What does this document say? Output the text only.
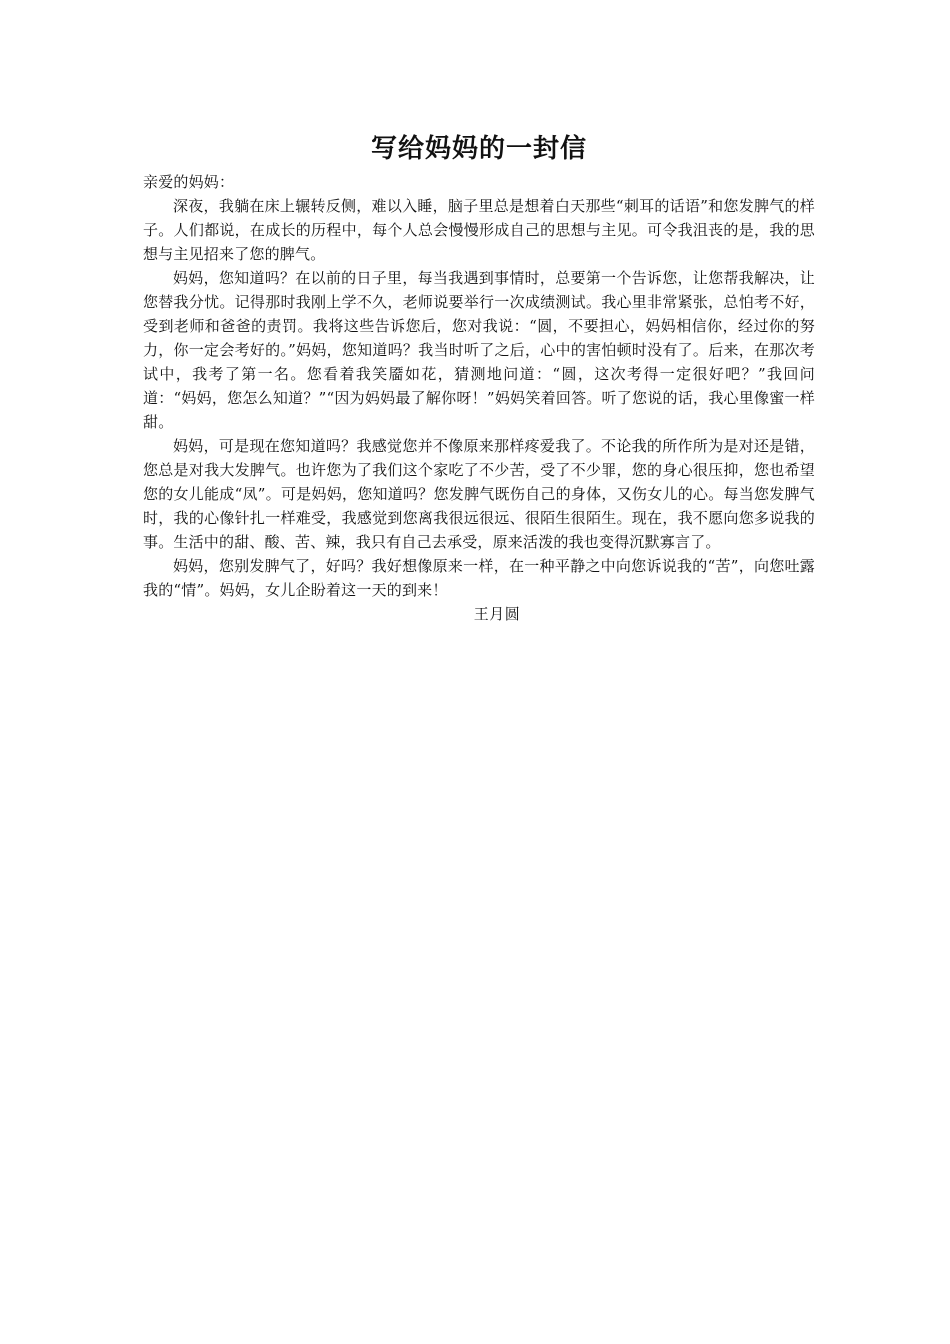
写给妈妈的一封信

亲爱的妈妈：

深夜，我躺在床上辗转反侧，难以入睡，脑子里总是想着白天那些“刺耳的话语”和您发脾气的样子。人们都说，在成长的历程中，每个人总会慢慢形成自己的思想与主见。可令我沮丧的是，我的思想与主见招来了您的脾气。

妈妈，您知道吗？在以前的日子里，每当我遇到事情时，总要第一个告诉您，让您帮我解决，让您替我分忧。记得那时我刚上学不久，老师说要举行一次成绩测试。我心里非常紧张，总怕考不好，受到老师和爸爸的责罚。我将这些告诉您后，您对我说：“圆，不要担心，妈妈相信你，经过你的努力，你一定会考好的。”妈妈，您知道吗？我当时听了之后，心中的害怕顿时没有了。后来，在那次考试中，我考了第一名。您看着我笑靥如花，猜测地问道：“圆，这次考得一定很好吧？”我回问道：“妈妈，您怎么知道？”“因为妈妈最了解你呀！”妈妈笑着回答。听了您说的话，我心里像蜜一样甜。

妈妈，可是现在您知道吗？我感觉您并不像原来那样疼爱我了。不论我的所作所为是对还是错，您总是对我大发脾气。也许您为了我们这个家吃了不少苦，受了不少罪，您的身心很压抑，您也希望您的女儿能成“凤”。可是妈妈，您知道吗？您发脾气既伤自己的身体，又伤女儿的心。每当您发脾气时，我的心像针扎一样难受，我感觉到您离我很远很远、很陌生很陌生。现在，我不愿向您多说我的事。生活中的甜、酸、苦、辣，我只有自己去承受，原来活泼的我也变得沉默寡言了。

妈妈，您别发脾气了，好吗？我好想像原来一样，在一种平静之中向您诉说我的“苦”，向您吐露我的“情”。妈妈，女儿企盼着这一天的到来！

王月圆
